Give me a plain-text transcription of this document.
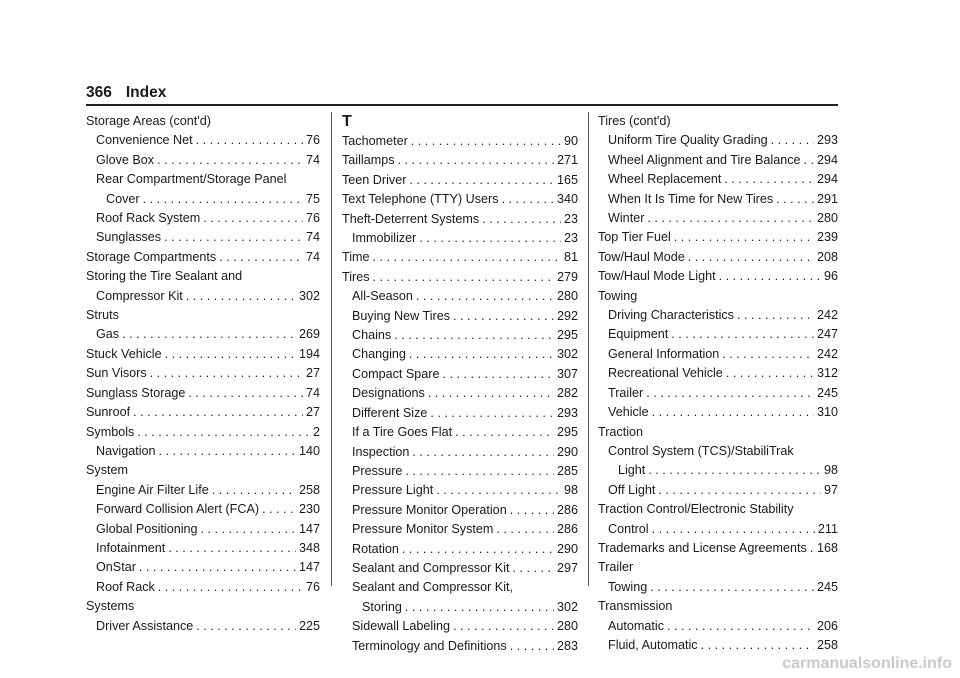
366 Index
Storage Areas (cont'd)
Convenience Net . . .	76
Glove Box . . .	74
Rear Compartment/Storage Panel
Cover . . .	75
Roof Rack System . . .	76
Sunglasses . . .	74
Storage Compartments . . .	74
Storing the Tire Sealant and
Compressor Kit . . .	302
Struts
Gas . . .	269
Stuck Vehicle . . .	194
Sun Visors . . .	27
Sunglass Storage . . .	74
Sunroof . . .	27
Symbols . . .	2
Navigation . . .	140
System
Engine Air Filter Life . . .	258
Forward Collision Alert (FCA) . . .	230
Global Positioning . . .	147
Infotainment . . .	348
OnStar . . .	147
Roof Rack . . .	76
Systems
Driver Assistance . . .	225
T
Tachometer . . .	90
Taillamps . . .	271
Teen Driver . . .	165
Text Telephone (TTY) Users . . .	340
Theft-Deterrent Systems . . .	23
Immobilizer . . .	23
Time . . .	81
Tires . . .	279
All-Season . . .	280
Buying New Tires . . .	292
Chains . . .	295
Changing . . .	302
Compact Spare . . .	307
Designations . . .	282
Different Size . . .	293
If a Tire Goes Flat . . .	295
Inspection . . .	290
Pressure . . .	285
Pressure Light . . .	98
Pressure Monitor Operation . . .	286
Pressure Monitor System . . .	286
Rotation . . .	290
Sealant and Compressor Kit . . .	297
Sealant and Compressor Kit,
Storing . . .	302
Sidewall Labeling . . .	280
Terminology and Definitions . . .	283
Tires (cont'd)
Uniform Tire Quality Grading . . .	293
Wheel Alignment and Tire Balance . . . 294
Wheel Replacement . . .	294
When It Is Time for New Tires . . .	291
Winter . . .	280
Top Tier Fuel . . .	239
Tow/Haul Mode . . .	208
Tow/Haul Mode Light . . .	96
Towing
Driving Characteristics . . .	242
Equipment . . .	247
General Information . . .	242
Recreational Vehicle . . .	312
Trailer . . .	245
Vehicle . . .	310
Traction
Control System (TCS)/StabiliTrak
Light . . .	98
Off Light . . .	97
Traction Control/Electronic Stability
Control . . .	211
Trademarks and License Agreements . . . 168
Trailer
Towing . . .	245
Transmission
Automatic . . .	206
Fluid, Automatic . . .	258
carmanualsonline.info
